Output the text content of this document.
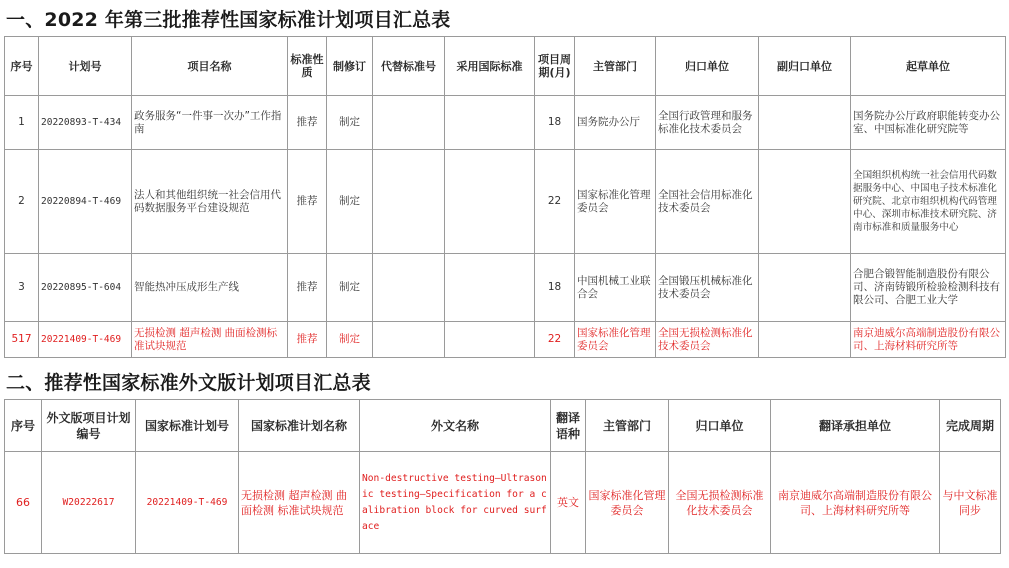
一、2022 年第三批推荐性国家标准计划项目汇总表
序号	计划号	项目名称	标准性质	制修订	代替标准号	采用国际标准	项目周期(月)	主管部门	归口单位	副归口单位	起草单位
1	20220893-T-434	政务服务“一件事一次办”工作指南	推荐	制定			18	国务院办公厅	全国行政管理和服务标准化技术委员会		国务院办公厅政府职能转变办公室、中国标准化研究院等
2	20220894-T-469	法人和其他组织统一社会信用代码数据服务平台建设规范	推荐	制定			22	国家标准化管理委员会	全国社会信用标准化技术委员会		全国组织机构统一社会信用代码数据服务中心、中国电子技术标准化研究院、北京市组织机构代码管理中心、深圳市标准技术研究院、济南市标准和质量服务中心
3	20220895-T-604	智能热冲压成形生产线	推荐	制定			18	中国机械工业联合会	全国锻压机械标准化技术委员会		合肥合锻智能制造股份有限公司、济南铸锻所检验检测科技有限公司、合肥工业大学
517	20221409-T-469	无损检测 超声检测 曲面检测标准试块规范	推荐	制定			22	国家标准化管理委员会	全国无损检测标准化技术委员会		南京迪威尔高端制造股份有限公司、上海材料研究所等
二、推荐性国家标准外文版计划项目汇总表
序号	外文版项目计划编号	国家标准计划号	国家标准计划名称	外文名称	翻译语种	主管部门	归口单位	翻译承担单位	完成周期
66	W20222617	20221409-T-469	无损检测 超声检测 曲面检测 标准试块规范	Non-destructive testing—Ultrasonic testing—Specification for a calibration block for curved surface	英文	国家标准化管理委员会	全国无损检测标准化技术委员会	南京迪威尔高端制造股份有限公司、上海材料研究所等	与中文标准同步
